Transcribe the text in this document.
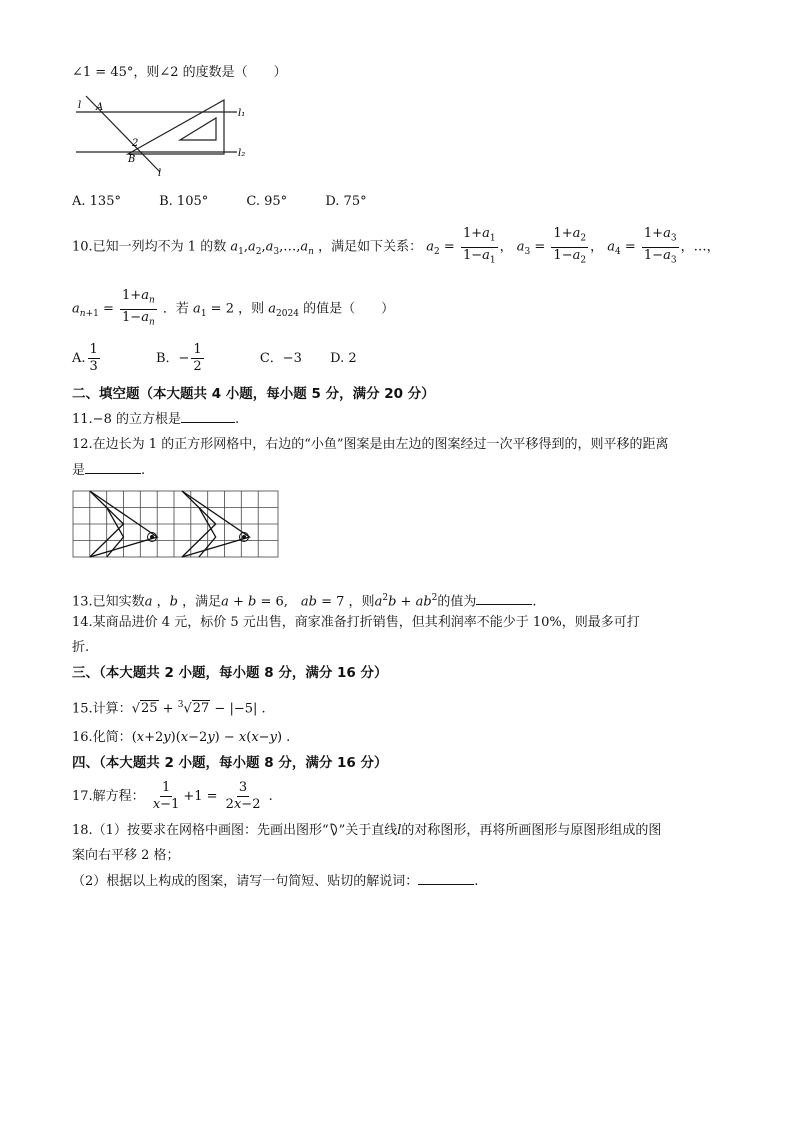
∠1 = 45°，则∠2 的度数是（　　）
l A
2
B
l₁
l₂
l
A. 135°	B. 105°	C. 95°	D. 75°
10.已知一列均不为 1 的数 $a_1,a_2,a_3,\dots,a_n$ ，满足如下关系： $a_2 = \frac{1+a_1}{1-a_1}$ ， $a_3 = \frac{1+a_2}{1-a_2}$ ， $a_4 = \frac{1+a_3}{1-a_3}$ ，…，
$a_{n+1} = \frac{1+a_n}{1-a_n}$ ．若 $a_1 = 2$ ，则 $a_{2024}$ 的值是（　　）
A. $\frac{1}{3}$	B．− $\frac{1}{2}$	C．−3 D. 2
二、填空题（本大题共 4 小题，每小题 5 分，满分 20 分）
11.−8 的立方根是	.
12.在边长为 1 的正方形网格中，右边的“小鱼”图案是由左边的图案经过一次平移得到的，则平移的距离
是	.
13.已知实数a ，b ，满足a + b = 6,　ab = 7 ，则$a^2b + ab^2$的值为	.
14.某商品进价 4 元，标价 5 元出售，商家准备打折销售，但其利润率不能少于 10%，则最多可打
折.
三、（本大题共 2 小题，每小题 8 分，满分 16 分）
15.计算：√25 + $^3$√27 − |−5| .
16.化简：(x+2y)(x−2y) − x(x−y) .
四、（本大题共 2 小题，每小题 8 分，满分 16 分）
17.解方程： $\frac{1}{x-1} +1 = \frac{3}{2x-2}$ .
18.（1）按要求在网格中画图：先画出图形“ ”关于直线l的对称图形，再将所画图形与原图形组成的图
案向右平移 2 格；
（2）根据以上构成的图案，请写一句简短、贴切的解说词：	.
